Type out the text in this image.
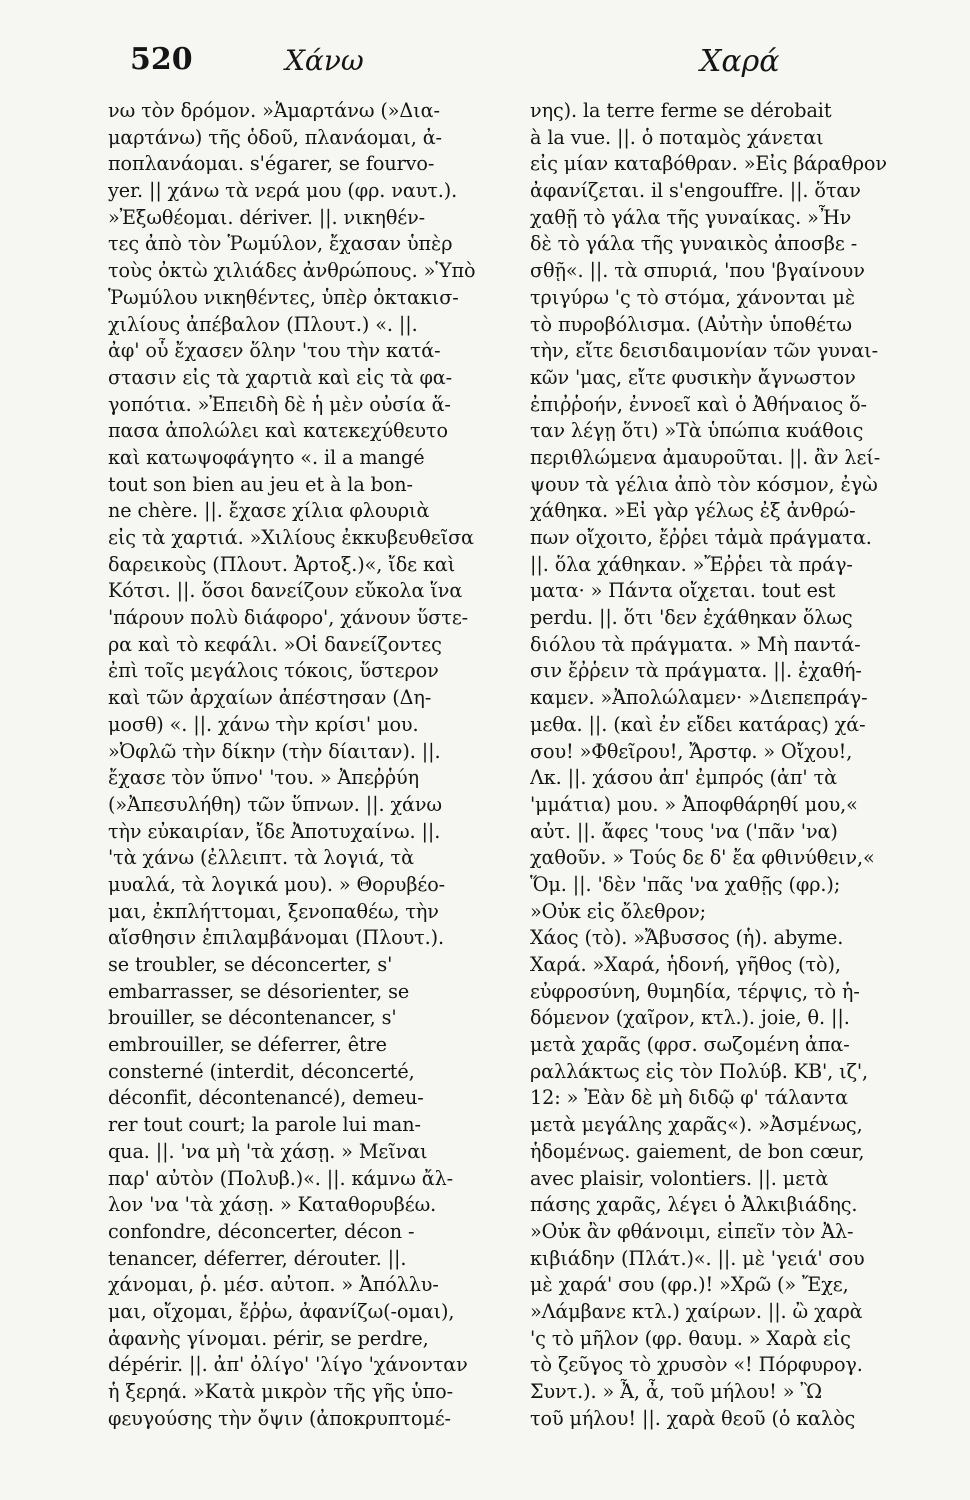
520	Χάνω	Χαρά
νω τὸν δρόμον. »Ἁμαρτάνω (»Δια-
μαρτάνω) τῆς ὁδοῦ, πλανάομαι, ἀ-
ποπλανάομαι. s'égarer, se fourvo-
yer. || χάνω τὰ νερά μου (φρ. ναυτ.).
»Ἐξωθέομαι. dériver. ||. νικηθέν-
τες ἀπὸ τὸν Ῥωμύλον, ἔχασαν ὑπὲρ
τοὺς ὀκτὼ χιλιάδες ἀνθρώπους. »Ὑπὸ
Ῥωμύλου νικηθέντες, ὑπὲρ ὀκτακισ-
χιλίους ἀπέβαλον (Πλουτ.) «. ||.
ἀφ' οὗ ἔχασεν ὅλην 'του τὴν κατά-
στασιν εἰς τὰ χαρτιὰ καὶ εἰς τὰ φα-
γοπότια. »Ἐπειδὴ δὲ ἡ μὲν οὐσία ἅ-
πασα ἀπολώλει καὶ κατεκεχύθευτο
καὶ κατωψοφάγητο «. il a mangé
tout son bien au jeu et à la bon-
ne chère. ||. ἔχασε χίλια φλουριὰ
εἰς τὰ χαρτιά. »Χιλίους ἐκκυβευθεῖσα
δαρεικοὺς (Πλουτ. Ἀρτοξ.)«, ἴδε καὶ
Κότσι. ||. ὅσοι δανείζουν εὔκολα ἵνα
'πάρουν πολὺ διάφορο', χάνουν ὕστε-
ρα καὶ τὸ κεφάλι. »Οἱ δανείζοντες
ἐπὶ τοῖς μεγάλοις τόκοις, ὕστερον
καὶ τῶν ἀρχαίων ἀπέστησαν (Δη-
μοσθ) «. ||. χάνω τὴν κρίσι' μου.
»Ὀφλῶ τὴν δίκην (τὴν δίαιταν). ||.
ἔχασε τὸν ὕπνο' 'του. » Ἀπεῤῥύη
(»Ἀπεσυλήθη) τῶν ὕπνων. ||. χάνω
τὴν εὐκαιρίαν, ἴδε Ἀποτυχαίνω. ||.
'τὰ χάνω (ἐλλειπτ. τὰ λογιά, τὰ
μυαλά, τὰ λογικά μου). » Θορυβέο-
μαι, ἐκπλήττομαι, ξενοπαθέω, τὴν
αἴσθησιν ἐπιλαμβάνομαι (Πλουτ.).
se troubler, se déconcerter, s'
embarrasser, se désorienter, se
brouiller, se décontenancer, s'
embrouiller, se déferrer, être
consterné (interdit, déconcerté,
déconfit, décontenancé), demeu-
rer tout court; la parole lui man-
qua. ||. 'να μὴ 'τὰ χάσῃ. » Μεῖναι
παρ' αὐτὸν (Πολυβ.)«. ||. κάμνω ἄλ-
λον 'να 'τὰ χάσῃ. » Καταθορυβέω.
confondre, déconcerter, décon -
tenancer, déferrer, dérouter. ||.
χάνομαι, ῥ. μέσ. αὐτοπ. » Ἀπόλλυ-
μαι, οἴχομαι, ἔῤῥω, ἀφανίζω(-ομαι),
ἀφανὴς γίνομαι. périr, se perdre,
dépérir. ||. ἀπ' ὀλίγο' 'λίγο 'χάνονταν
ἡ ξερηά. »Κατὰ μικρὸν τῆς γῆς ὑπο-
φευγούσης τὴν ὄψιν (ἀποκρυπτομέ-
νης). la terre ferme se dérobait
à la vue. ||. ὁ ποταμὸς χάνεται
εἰς μίαν καταβόθραν. »Εἰς βάραθρον
ἀφανίζεται. il s'engouffre. ||. ὅταν
χαθῇ τὸ γάλα τῆς γυναίκας. »Ἦν
δὲ τὸ γάλα τῆς γυναικὸς ἀποσβε -
σθῇ«. ||. τὰ σπυριά, 'που 'βγαίνουν
τριγύρω 'ς τὸ στόμα, χάνονται μὲ
τὸ πυροβόλισμα. (Αὐτὴν ὑποθέτω
τὴν, εἴτε δεισιδαιμονίαν τῶν γυναι-
κῶν 'μας, εἴτε φυσικὴν ἄγνωστον
ἐπιῤῥοήν, ἐννοεῖ καὶ ὁ Ἀθήναιος ὅ-
ταν λέγῃ ὅτι) »Τὰ ὑπώπια κυάθοις
περιθλώμενα ἀμαυροῦται. ||. ἂν λεί-
ψουν τὰ γέλια ἀπὸ τὸν κόσμον, ἐγὼ
χάθηκα. »Εἰ γὰρ γέλως ἐξ ἀνθρώ-
πων οἴχοιτο, ἔῤῥει τἀμὰ πράγματα.
||. ὅλα χάθηκαν. »Ἔῤῥει τὰ πράγ-
ματα· » Πάντα οἴχεται. tout est
perdu. ||. ὅτι 'δεν ἐχάθηκαν ὅλως
διόλου τὰ πράγματα. » Μὴ παντά-
σιν ἔῤῥειν τὰ πράγματα. ||. ἐχαθή-
καμεν. »Ἀπολώλαμεν· »Διεπεπράγ-
μεθα. ||. (καὶ ἐν εἴδει κατάρας) χά-
σου! »Φθεῖρου!, Ἄρστφ. » Οἴχου!,
Λκ. ||. χάσου ἀπ' ἐμπρός (ἀπ' τὰ
'μμάτια) μου. » Ἀποφθάρηθί μου,«
αὐτ. ||. ἄφες 'τους 'να ('πᾶν 'να)
χαθοῦν. » Τούς δε δ' ἔα φθινύθειν,«
Ὅμ. ||. 'δὲν 'πᾶς 'να χαθῇς (φρ.);
»Οὐκ εἰς ὄλεθρον;
Χάος (τὸ). »Ἄβυσσος (ἡ). abyme.
Χαρά. »Χαρά, ἡδονή, γῆθος (τὸ),
εὐφροσύνη, θυμηδία, τέρψις, τὸ ἡ-
δόμενον (χαῖρον, κτλ.). joie, θ. ||.
μετὰ χαρᾶς (φρσ. σωζομένη ἀπα-
ραλλάκτως εἰς τὸν Πολύβ. ΚΒ', ιζ',
12: » Ἐὰν δὲ μὴ διδῷ φ' τάλαντα
μετὰ μεγάλης χαρᾶς«). »Ἀσμένως,
ἡδομένως. gaiement, de bon cœur,
avec plaisir, volontiers. ||. μετὰ
πάσης χαρᾶς, λέγει ὁ Ἀλκιβιάδης.
»Οὐκ ἂν φθάνοιμι, εἰπεῖν τὸν Ἀλ-
κιβιάδην (Πλάτ.)«. ||. μὲ 'γειά' σου
μὲ χαρά' σου (φρ.)! »Χρῶ (» Ἔχε,
»Λάμβανε κτλ.) χαίρων. ||. ὢ χαρὰ
'ς τὸ μῆλον (φρ. θαυμ. » Χαρὰ εἰς
τὸ ζεῦγος τὸ χρυσὸν «! Πόρφυρογ.
Συντ.). » Ἆ, ἆ, τοῦ μήλου! » Ὢ
τοῦ μήλου! ||. χαρὰ θεοῦ (ὁ καλὸς
